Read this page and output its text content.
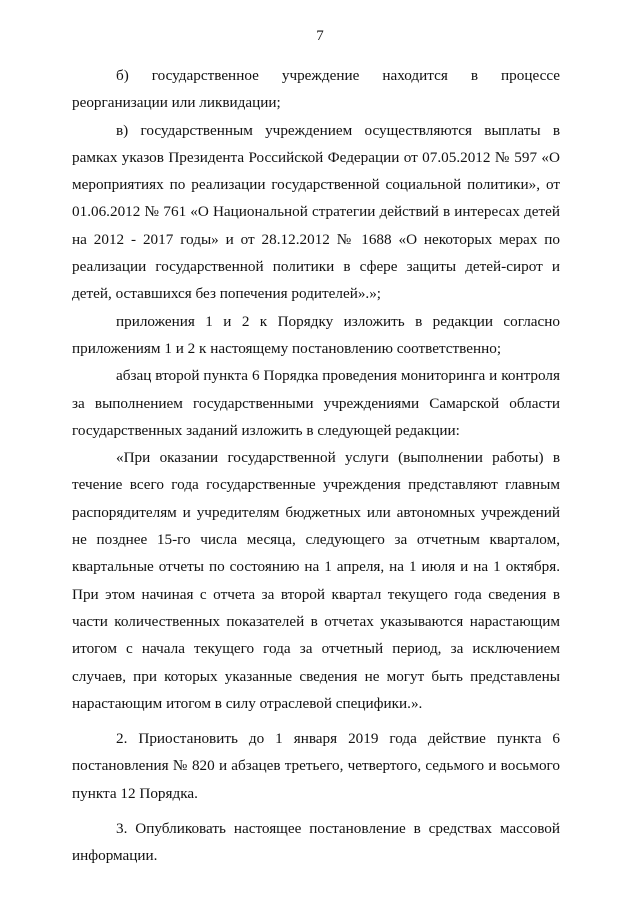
7

б) государственное учреждение находится в процессе реорганизации или ликвидации;

в) государственным учреждением осуществляются выплаты в рамках указов Президента Российской Федерации от 07.05.2012 № 597 «О мероприятиях по реализации государственной социальной политики», от 01.06.2012 № 761 «О Национальной стратегии действий в интересах детей на 2012 - 2017 годы» и от 28.12.2012 № 1688 «О некоторых мерах по реализации государственной политики в сфере защиты детей-сирот и детей, оставшихся без попечения родителей».»;

приложения 1 и 2 к Порядку изложить в редакции согласно приложениям 1 и 2 к настоящему постановлению соответственно;

абзац второй пункта 6 Порядка проведения мониторинга и контроля за выполнением государственными учреждениями Самарской области государственных заданий изложить в следующей редакции:

«При оказании государственной услуги (выполнении работы) в течение всего года государственные учреждения представляют главным распорядителям и учредителям бюджетных или автономных учреждений не позднее 15-го числа месяца, следующего за отчетным кварталом, квартальные отчеты по состоянию на 1 апреля, на 1 июля и на 1 октября. При этом начиная с отчета за второй квартал текущего года сведения в части количественных показателей в отчетах указываются нарастающим итогом с начала текущего года за отчетный период, за исключением случаев, при которых указанные сведения не могут быть представлены нарастающим итогом в силу отраслевой специфики.».

2. Приостановить до 1 января 2019 года действие пункта 6 постановления № 820 и абзацев третьего, четвертого, седьмого и восьмого пункта 12 Порядка.

3. Опубликовать настоящее постановление в средствах массовой информации.
